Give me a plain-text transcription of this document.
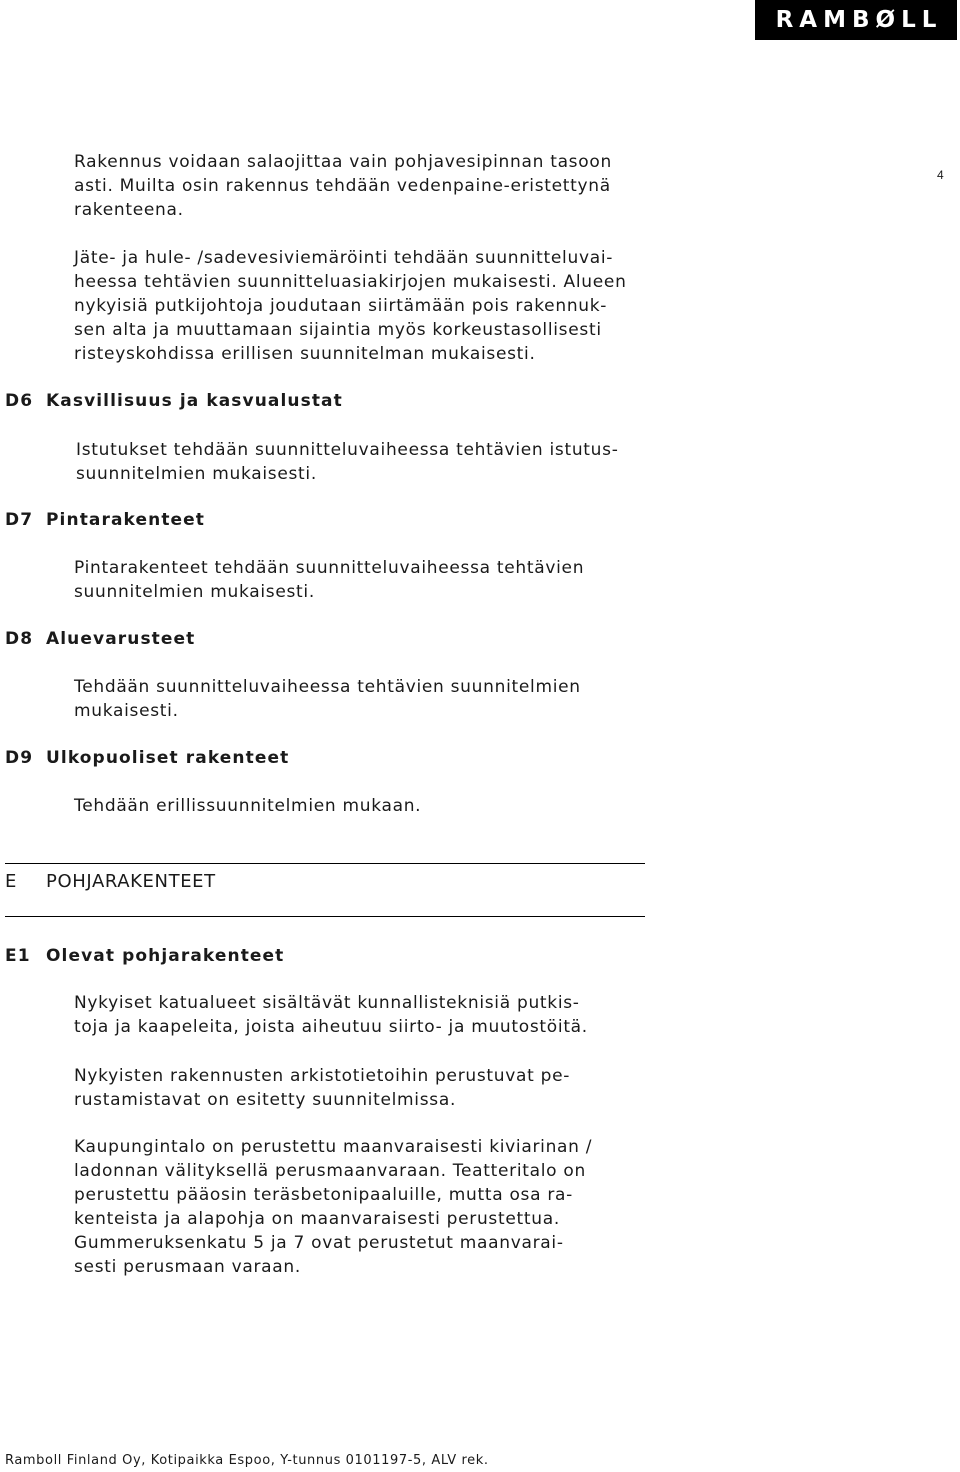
RAMBØLL
4

Rakennus voidaan salaojittaa vain pohjavesipinnan tasoon

asti. Muilta osin rakennus tehdään vedenpaine-eristettynä

rakenteena.

Jäte- ja hule- /sadevesiviemäröinti tehdään suunnitteluvai-

heessa tehtävien suunnitteluasiakirjojen mukaisesti. Alueen

nykyisiä putkijohtoja joudutaan siirtämään pois rakennuk-

sen alta ja muuttamaan sijaintia myös korkeustasollisesti

risteyskohdissa erillisen suunnitelman mukaisesti.

D6 Kasvillisuus ja kasvualustat

Istutukset tehdään suunnitteluvaiheessa tehtävien istutus-

suunnitelmien mukaisesti.

D7 Pintarakenteet

Pintarakenteet tehdään suunnitteluvaiheessa tehtävien

suunnitelmien mukaisesti.

D8 Aluevarusteet

Tehdään suunnitteluvaiheessa tehtävien suunnitelmien

mukaisesti.

D9 Ulkopuoliset rakenteet

Tehdään erillissuunnitelmien mukaan.

E POHJARAKENTEET
E1 Olevat pohjarakenteet

Nykyiset katualueet sisältävät kunnallisteknisiä putkis-

toja ja kaapeleita, joista aiheutuu siirto- ja muutostöitä.

Nykyisten rakennusten arkistotietoihin perustuvat pe-

rustamistavat on esitetty suunnitelmissa.

Kaupungintalo on perustettu maanvaraisesti kiviarinan /

ladonnan välityksellä perusmaanvaraan. Teatteritalo on

perustettu pääosin teräsbetonipaaluille, mutta osa ra-

kenteista ja alapohja on maanvaraisesti perustettua.

Gummeruksenkatu 5 ja 7 ovat perustetut maanvarai-

sesti perusmaan varaan.

Ramboll Finland Oy, Kotipaikka Espoo, Y-tunnus 0101197-5, ALV rek.
